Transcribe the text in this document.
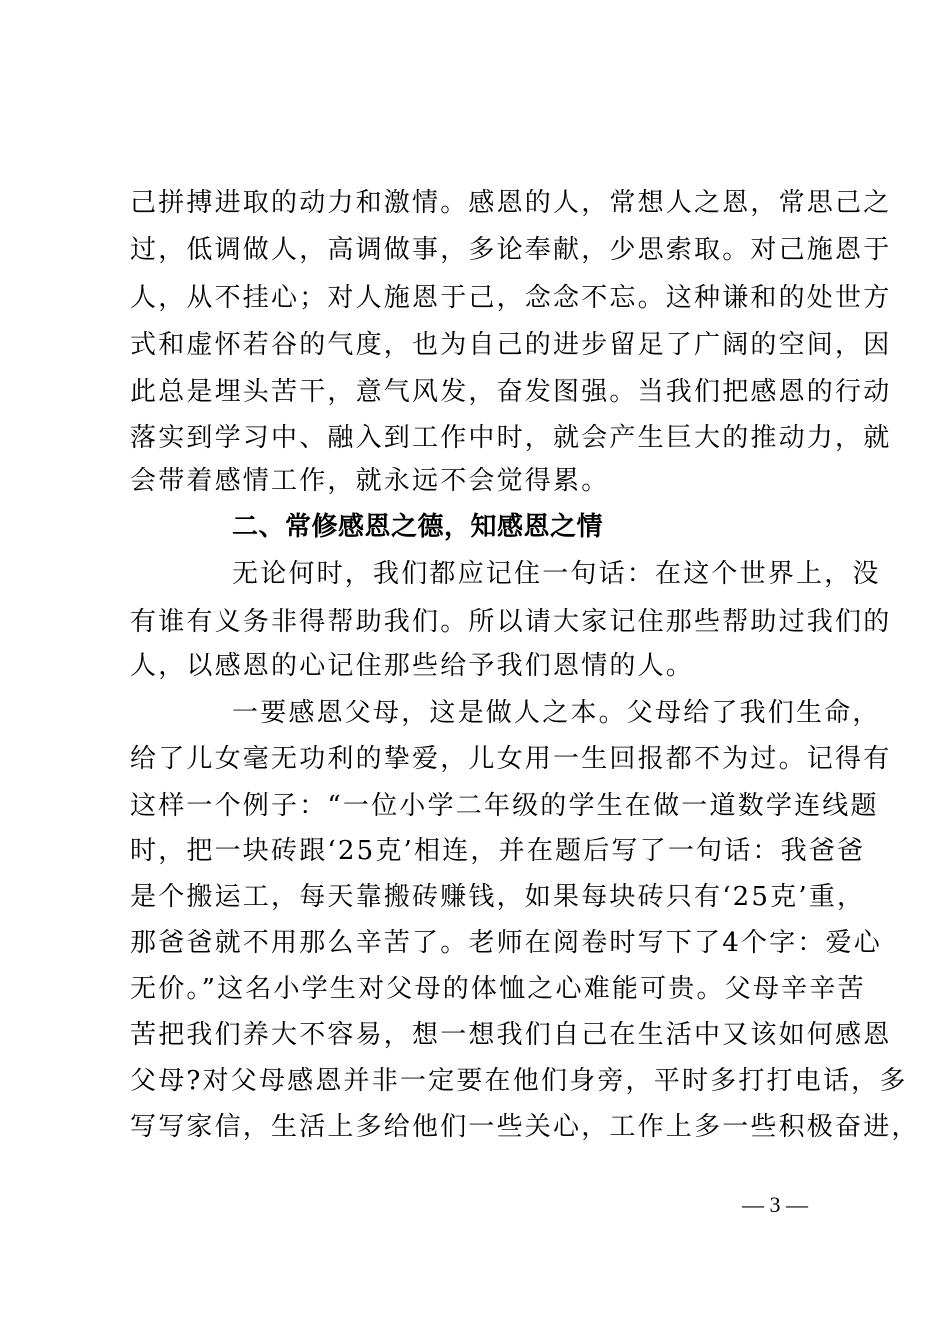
己拼搏进取的动力和激情。感恩的人，常想人之恩，常思己之
过，低调做人，高调做事，多论奉献，少思索取。对己施恩于
人，从不挂心；对人施恩于己，念念不忘。这种谦和的处世方
式和虚怀若谷的气度，也为自己的进步留足了广阔的空间，因
此总是埋头苦干，意气风发，奋发图强。当我们把感恩的行动
落实到学习中、融入到工作中时，就会产生巨大的推动力，就
会带着感情工作，就永远不会觉得累。
二、常修感恩之德，知感恩之情
无论何时，我们都应记住一句话：在这个世界上，没
有谁有义务非得帮助我们。所以请大家记住那些帮助过我们的
人，以感恩的心记住那些给予我们恩情的人。
一要感恩父母，这是做人之本。父母给了我们生命，
给了儿女毫无功利的挚爱，儿女用一生回报都不为过。记得有
这样一个例子：“一位小学二年级的学生在做一道数学连线题
时，把一块砖跟‘25克’相连，并在题后写了一句话：我爸爸
是个搬运工，每天靠搬砖赚钱，如果每块砖只有‘25克’重，
那爸爸就不用那么辛苦了。老师在阅卷时写下了4个字：爱心
无价。”这名小学生对父母的体恤之心难能可贵。父母辛辛苦
苦把我们养大不容易，想一想我们自己在生活中又该如何感恩
父母?对父母感恩并非一定要在他们身旁，平时多打打电话，多
写写家信，生活上多给他们一些关心，工作上多一些积极奋进，
— 3 —
